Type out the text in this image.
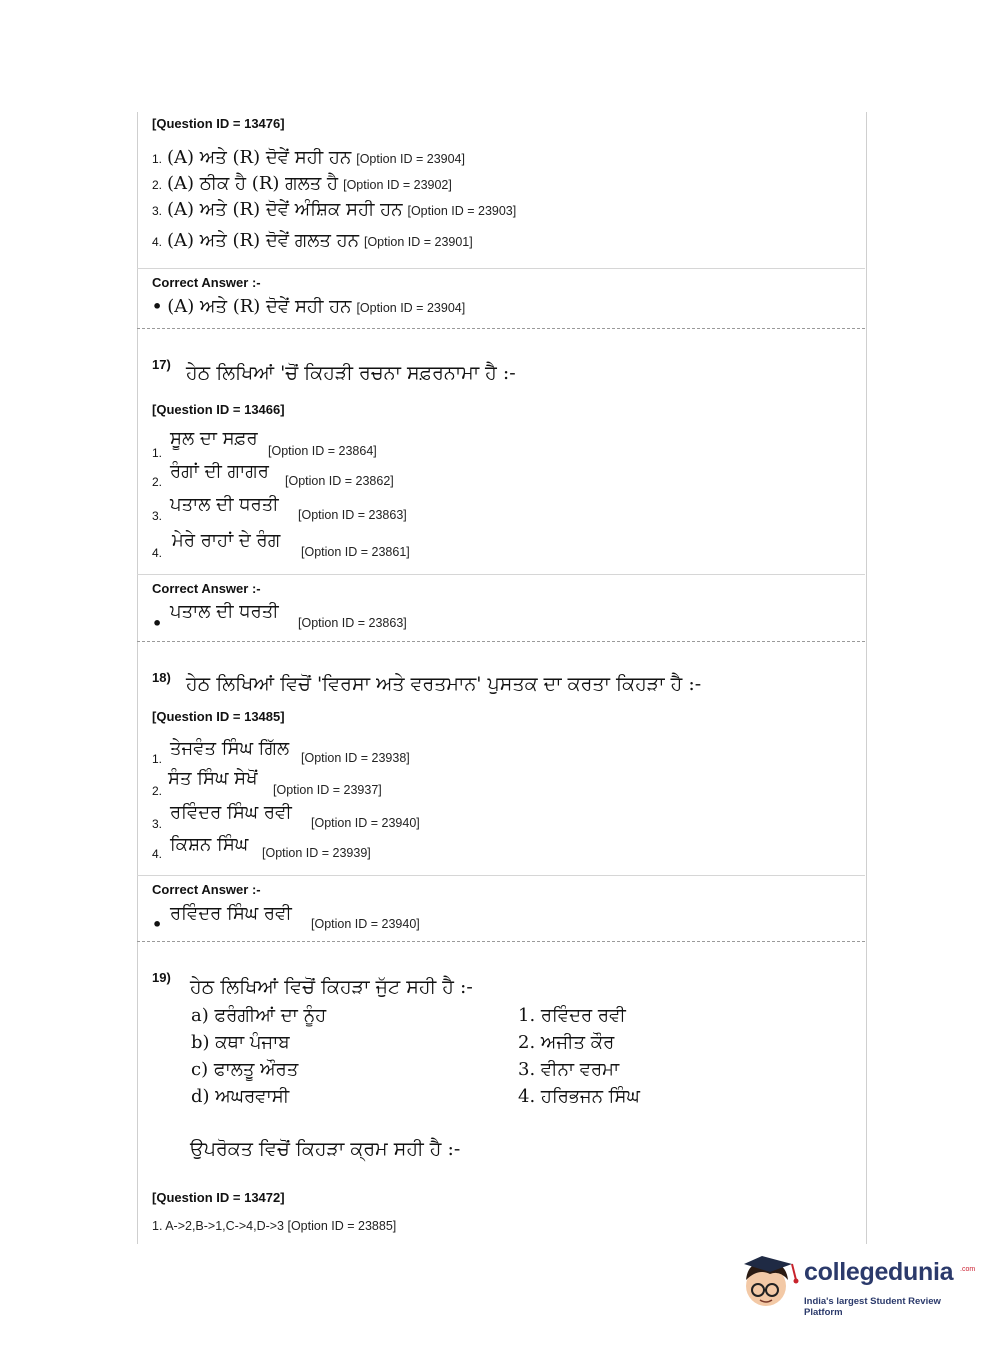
[Question ID = 13476]
1. (A) ਅਤੇ (R) ਦੋਵੇਂ ਸਹੀ ਹਨ [Option ID = 23904]
2. (A) ਠੀਕ ਹੈ (R) ਗਲਤ ਹੈ [Option ID = 23902]
3. (A) ਅਤੇ (R) ਦੋਵੇਂ ਅੰਸ਼ਿਕ ਸਹੀ ਹਨ [Option ID = 23903]
4. (A) ਅਤੇ (R) ਦੋਵੇਂ ਗਲਤ ਹਨ [Option ID = 23901]
Correct Answer :-
• (A) ਅਤੇ (R) ਦੋਵੇਂ ਸਹੀ ਹਨ [Option ID = 23904]
17) ਹੇਠ ਲਿਖਿਆਂ 'ਚੋਂ ਕਿਹੜੀ ਰਚਨਾ ਸਫ਼ਰਨਾਮਾ ਹੈ :-
[Question ID = 13466]
1.
ਸੂਲ ਦਾ ਸਫ਼ਰ
[Option ID = 23864]
2. ਰੰਗਾਂ ਦੀ ਗਾਗਰ [Option ID = 23862]
3.
ਪਤਾਲ ਦੀ ਧਰਤੀ [Option ID = 23863]
4.
ਮੇਰੇ ਰਾਹਾਂ ਦੇ ਰੰਗ
[Option ID = 23861]
Correct Answer :-
•
ਪਤਾਲ ਦੀ ਧਰਤੀ
[Option ID = 23863]
18) ਹੇਠ ਲਿਖਿਆਂ ਵਿਚੋਂ 'ਵਿਰਸਾ ਅਤੇ ਵਰਤਮਾਨ' ਪੁਸਤਕ ਦਾ ਕਰਤਾ ਕਿਹੜਾ ਹੈ :-
[Question ID = 13485]
1. ਤੇਜਵੰਤ ਸਿੰਘ ਗਿੱਲ [Option ID = 23938]
2.
ਸੰਤ ਸਿੰਘ ਸੇਖੋਂ
[Option ID = 23937]
3.
ਰਵਿੰਦਰ ਸਿੰਘ ਰਵੀ [Option ID = 23940]
4. ਕਿਸ਼ਨ ਸਿੰਘ [Option ID = 23939]
Correct Answer :-
•
ਰਵਿੰਦਰ ਸਿੰਘ ਰਵੀ [Option ID = 23940]
19) ਹੇਠ ਲਿਖਿਆਂ ਵਿਚੋਂ ਕਿਹੜਾ ਜੁੱਟ ਸਹੀ ਹੈ :-
a) ਫਰੰਗੀਆਂ ਦਾ ਨੂੰਹ
b) ਕਥਾ ਪੰਜਾਬ
c) ਫਾਲਤੂ ਔਰਤ
d) ਅਘਰਵਾਸੀ
1. ਰਵਿੰਦਰ ਰਵੀ
2. ਅਜੀਤ ਕੌਰ
3. ਵੀਨਾ ਵਰਮਾ
4. ਹਰਿਭਜਨ ਸਿੰਘ
ਉਪਰੋਕਤ ਵਿਚੋਂ ਕਿਹੜਾ ਕ੍ਰਮ ਸਹੀ ਹੈ :-
[Question ID = 13472]
1. A->2,B->1,C->4,D->3 [Option ID = 23885]
collegedunia .com
India's largest Student Review Platform
